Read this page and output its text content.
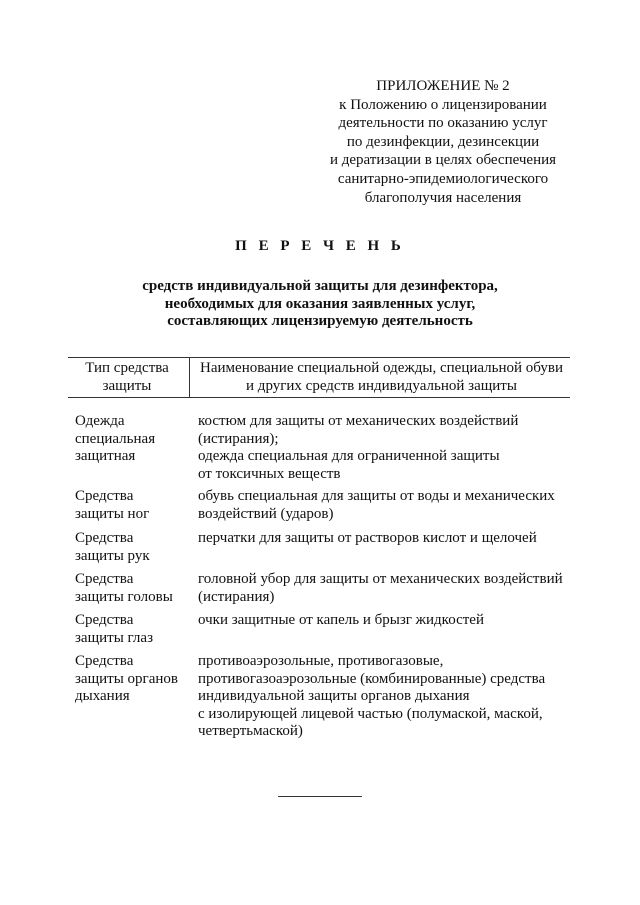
ПРИЛОЖЕНИЕ № 2
к Положению о лицензировании
деятельности по оказанию услуг
по дезинфекции, дезинсекции
и дератизации в целях обеспечения
санитарно-эпидемиологического
благополучия населения
П Е Р Е Ч Е Н Ь
средств индивидуальной защиты для дезинфектора,
необходимых для оказания заявленных услуг,
составляющих лицензируемую деятельность
Тип средства
защиты
Наименование специальной одежды, специальной обуви
и других средств индивидуальной защиты
Одежда
специальная
защитная
костюм для защиты от механических воздействий
(истирания);
одежда специальная для ограниченной защиты
от токсичных веществ
Средства
защиты ног
обувь специальная для защиты от воды и механических
воздействий (ударов)
Средства
защиты рук
перчатки для защиты от растворов кислот и щелочей
Средства
защиты головы
головной убор для защиты от механических воздействий
(истирания)
Средства
защиты глаз
очки защитные от капель и брызг жидкостей
Средства
защиты органов
дыхания
противоаэрозольные, противогазовые,
противогазоаэрозольные (комбинированные) средства
индивидуальной защиты органов дыхания
с изолирующей лицевой частью (полумаской, маской,
четвертьмаской)
